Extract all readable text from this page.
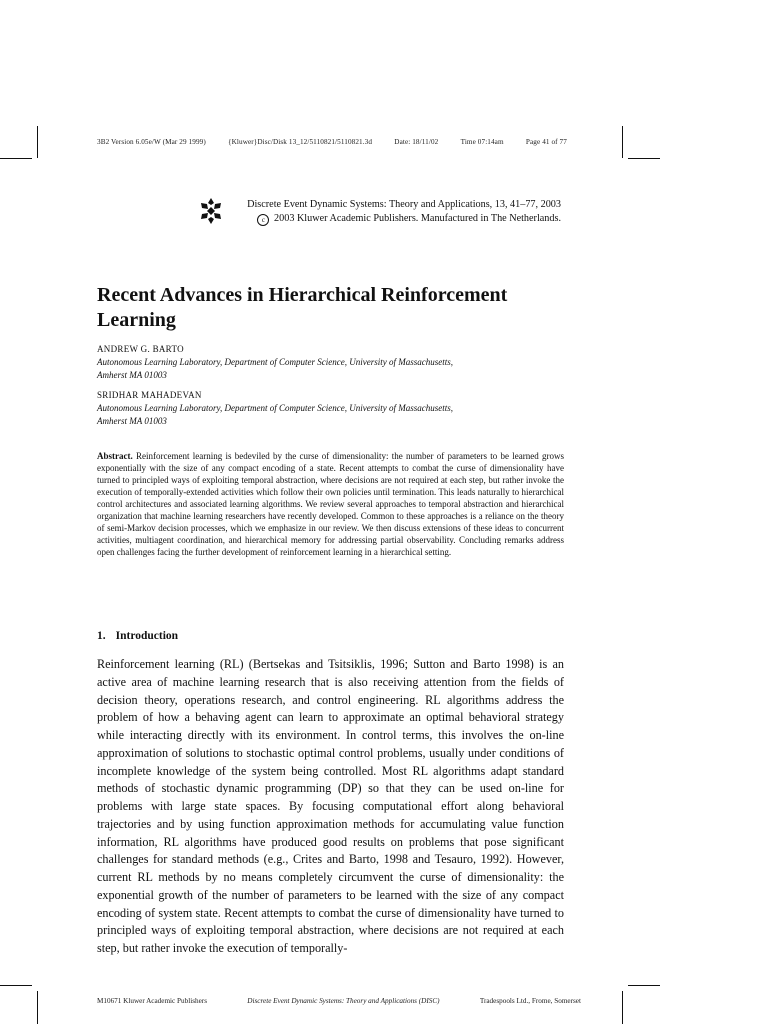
3B2 Version 6.05e/W (Mar 29 1999)	{Kluwer}Disc/Disk 13_12/5110821/5110821.3d	Date: 18/11/02	Time 07:14am	Page 41 of 77
Discrete Event Dynamic Systems: Theory and Applications, 13, 41–77, 2003
c 2003 Kluwer Academic Publishers. Manufactured in The Netherlands.
Recent Advances in Hierarchical Reinforcement Learning
ANDREW G. BARTO
Autonomous Learning Laboratory, Department of Computer Science, University of Massachusetts,
Amherst MA 01003
SRIDHAR MAHADEVAN
Autonomous Learning Laboratory, Department of Computer Science, University of Massachusetts,
Amherst MA 01003

Abstract. Reinforcement learning is bedeviled by the curse of dimensionality: the number of parameters to be learned grows exponentially with the size of any compact encoding of a state. Recent attempts to combat the curse of dimensionality have turned to principled ways of exploiting temporal abstraction, where decisions are not required at each step, but rather invoke the execution of temporally-extended activities which follow their own policies until termination. This leads naturally to hierarchical control architectures and associated learning algorithms. We review several approaches to temporal abstraction and hierarchical organization that machine learning researchers have recently developed. Common to these approaches is a reliance on the theory of semi-Markov decision processes, which we emphasize in our review. We then discuss extensions of these ideas to concurrent activities, multiagent coordination, and hierarchical memory for addressing partial observability. Concluding remarks address open challenges facing the further development of reinforcement learning in a hierarchical setting.

1. Introduction

Reinforcement learning (RL) (Bertsekas and Tsitsiklis, 1996; Sutton and Barto 1998) is an active area of machine learning research that is also receiving attention from the fields of decision theory, operations research, and control engineering. RL algorithms address the problem of how a behaving agent can learn to approximate an optimal behavioral strategy while interacting directly with its environment. In control terms, this involves the on-line approximation of solutions to stochastic optimal control problems, usually under conditions of incomplete knowledge of the system being controlled. Most RL algorithms adapt standard methods of stochastic dynamic programming (DP) so that they can be used on-line for problems with large state spaces. By focusing computational effort along behavioral trajectories and by using function approximation methods for accumulating value function information, RL algorithms have produced good results on problems that pose significant challenges for standard methods (e.g., Crites and Barto, 1998 and Tesauro, 1992). However, current RL methods by no means completely circumvent the curse of dimensionality: the exponential growth of the number of parameters to be learned with the size of any compact encoding of system state. Recent attempts to combat the curse of dimensionality have turned to principled ways of exploiting temporal abstraction, where decisions are not required at each step, but rather invoke the execution of temporally-

M10671 Kluwer Academic Publishers	Discrete Event Dynamic Systems: Theory and Applications (DISC)	Tradespools Ltd., Frome, Somerset
